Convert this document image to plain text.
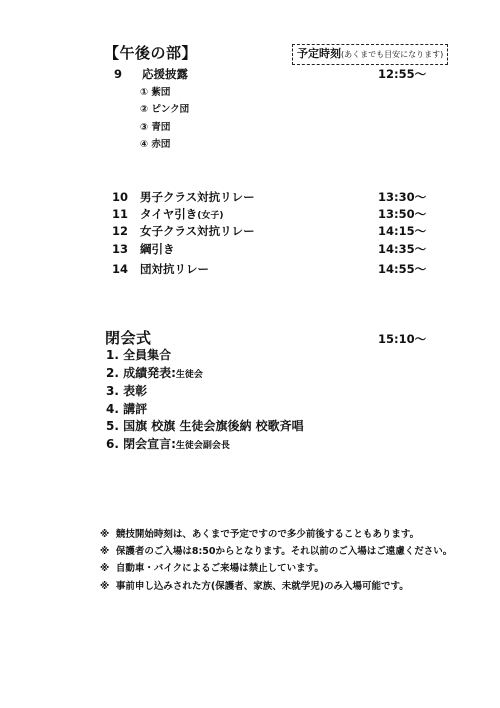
【午後の部】	予定時刻(あくまでも目安になります)
9 応援披露	12:55～
① 紫団
② ピンク団
③ 青団
④ 赤団
10 男子クラス対抗リレー	13:30～
11 タイヤ引き(女子)	13:50～
12 女子クラス対抗リレー	14:15～
13 綱引き	14:35～
14 団対抗リレー	14:55～
閉会式	15:10～
1. 全員集合
2. 成績発表:生徒会
3. 表彰
4. 講評
5. 国旗 校旗 生徒会旗後納 校歌斉唱
6. 閉会宣言:生徒会副会長
※ 競技開始時刻は、あくまで予定ですので多少前後することもあります。
※ 保護者のご入場は8:50からとなります。それ以前のご入場はご遠慮ください。
※ 自動車・バイクによるご来場は禁止しています。
※ 事前申し込みされた方(保護者、家族、未就学児)のみ入場可能です。
